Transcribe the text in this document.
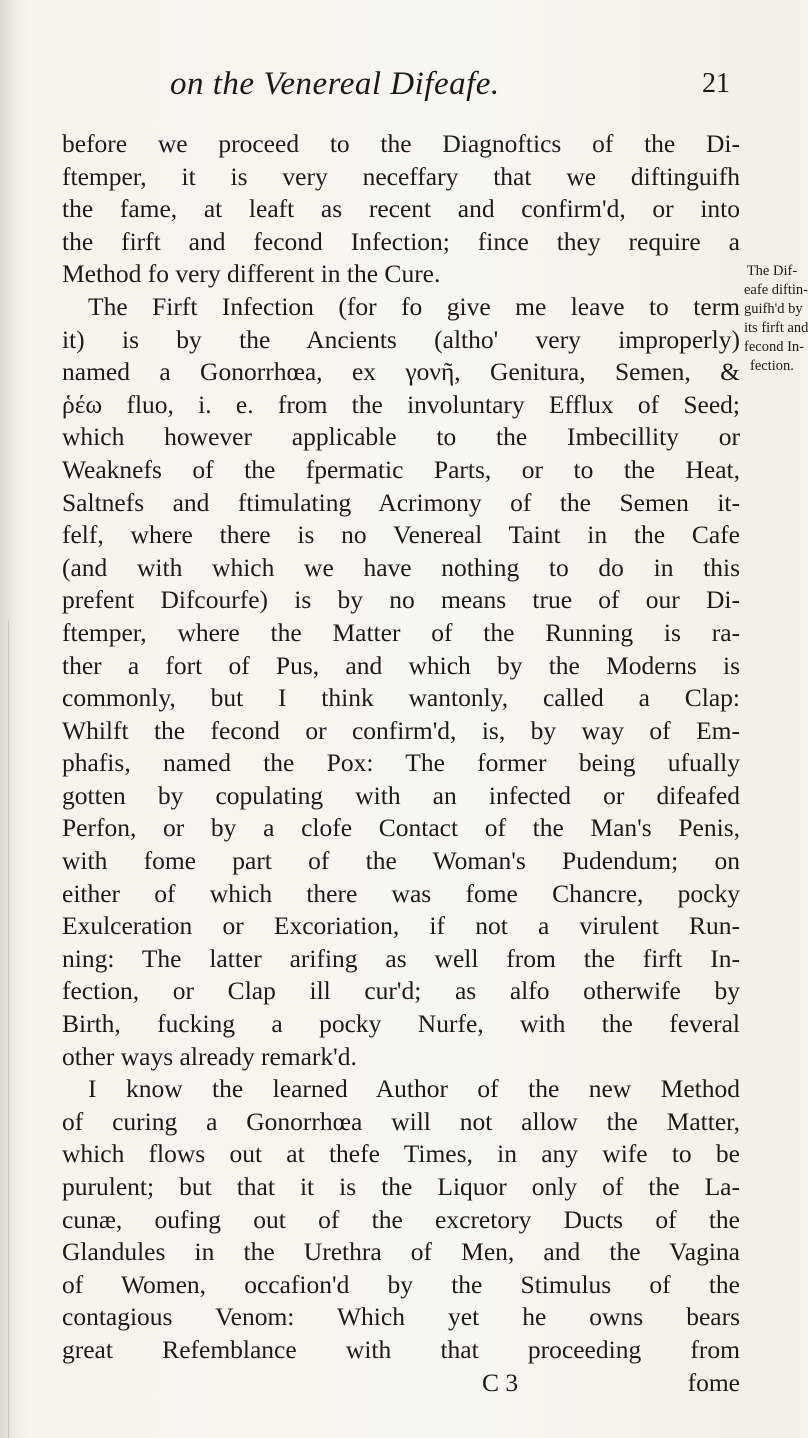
on the Venereal Difeafe.	21
before we proceed to the Diagnoftics of the Di-
ftemper, it is very neceffary that we diftinguifh
the fame, at leaft as recent and confirm'd, or into
the firft and fecond Infection; fince they require a
Method fo very different in the Cure.
The Firft Infection (for fo give me leave to term
it) is by the Ancients (altho' very improperly)
named a Gonorrhœa, ex γονῆ, Genitura, Semen, &
ῥέω fluo, i. e. from the involuntary Efflux of Seed;
which however applicable to the Imbecillity or
Weaknefs of the fpermatic Parts, or to the Heat,
Saltnefs and ftimulating Acrimony of the Semen it-
felf, where there is no Venereal Taint in the Cafe
(and with which we have nothing to do in this
prefent Difcourfe) is by no means true of our Di-
ftemper, where the Matter of the Running is ra-
ther a fort of Pus, and which by the Moderns is
commonly, but I think wantonly, called a Clap:
Whilft the fecond or confirm'd, is, by way of Em-
phafis, named the Pox: The former being ufually
gotten by copulating with an infected or difeafed
Perfon, or by a clofe Contact of the Man's Penis,
with fome part of the Woman's Pudendum; on
either of which there was fome Chancre, pocky
Exulceration or Excoriation, if not a virulent Run-
ning: The latter arifing as well from the firft In-
fection, or Clap ill cur'd; as alfo otherwife by
Birth, fucking a pocky Nurfe, with the feveral
other ways already remark'd.
I know the learned Author of the new Method
of curing a Gonorrhœa will not allow the Matter,
which flows out at thefe Times, in any wife to be
purulent; but that it is the Liquor only of the La-
cunæ, oufing out of the excretory Ducts of the
Glandules in the Urethra of Men, and the Vagina
of Women, occafion'd by the Stimulus of the
contagious Venom: Which yet he owns bears
great Refemblance with that proceeding from
C 3	fome
The Dif-
eafe diftin-
guifh'd by
its firft and
fecond In-
fection.
